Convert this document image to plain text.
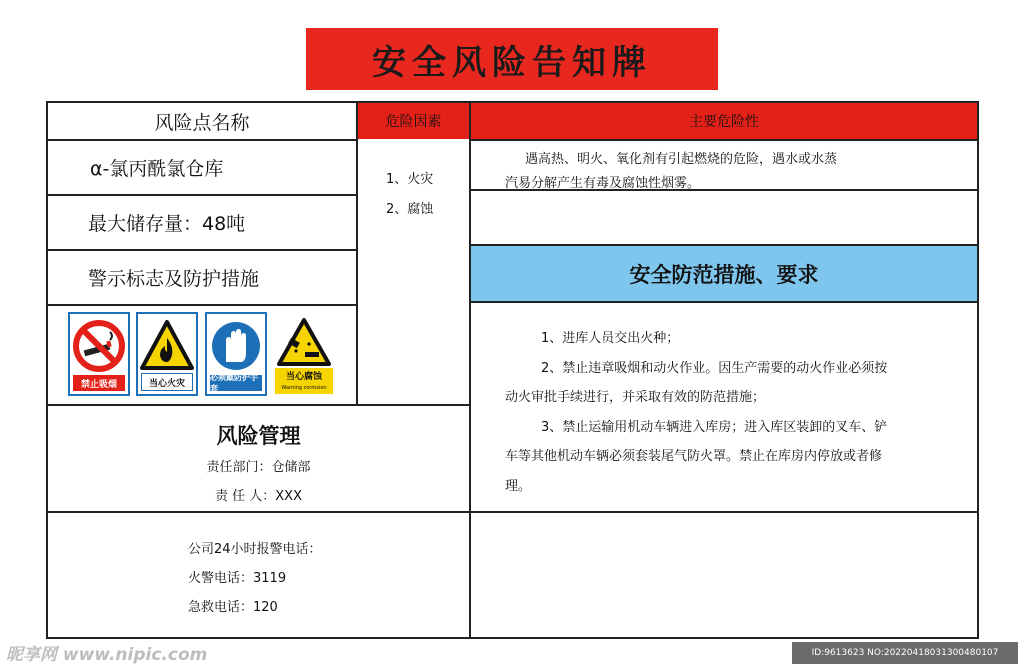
安全风险告知牌
危险因素	主要危险性
风险点名称
α-氯丙酰氯仓库
最大储存量：48吨
警示标志及防护措施
1、火灾
2、腐蚀
遇高热、明火、氧化剂有引起燃烧的危险，遇水或水蒸
汽易分解产生有毒及腐蚀性烟雾。
安全防范措施、要求

1、进库人员交出火种；

2、禁止违章吸烟和动火作业。因生产需要的动火作业必须按

动火审批手续进行，并采取有效的防范措施；

3、禁止运输用机动车辆进入库房；进入库区装卸的叉车、铲

车等其他机动车辆必须套装尾气防火罩。禁止在库房内停放或者修

理。

禁止吸烟	当心火灾
必须戴防护手套
当心腐蚀
Warning corrosion
风险管理
责任部门：仓储部
责 任 人：XXX
公司24小时报警电话：
火警电话：3119
急救电话：120
昵享网 www.nipic.com	ID:9613623 NO:20220418031300480107
